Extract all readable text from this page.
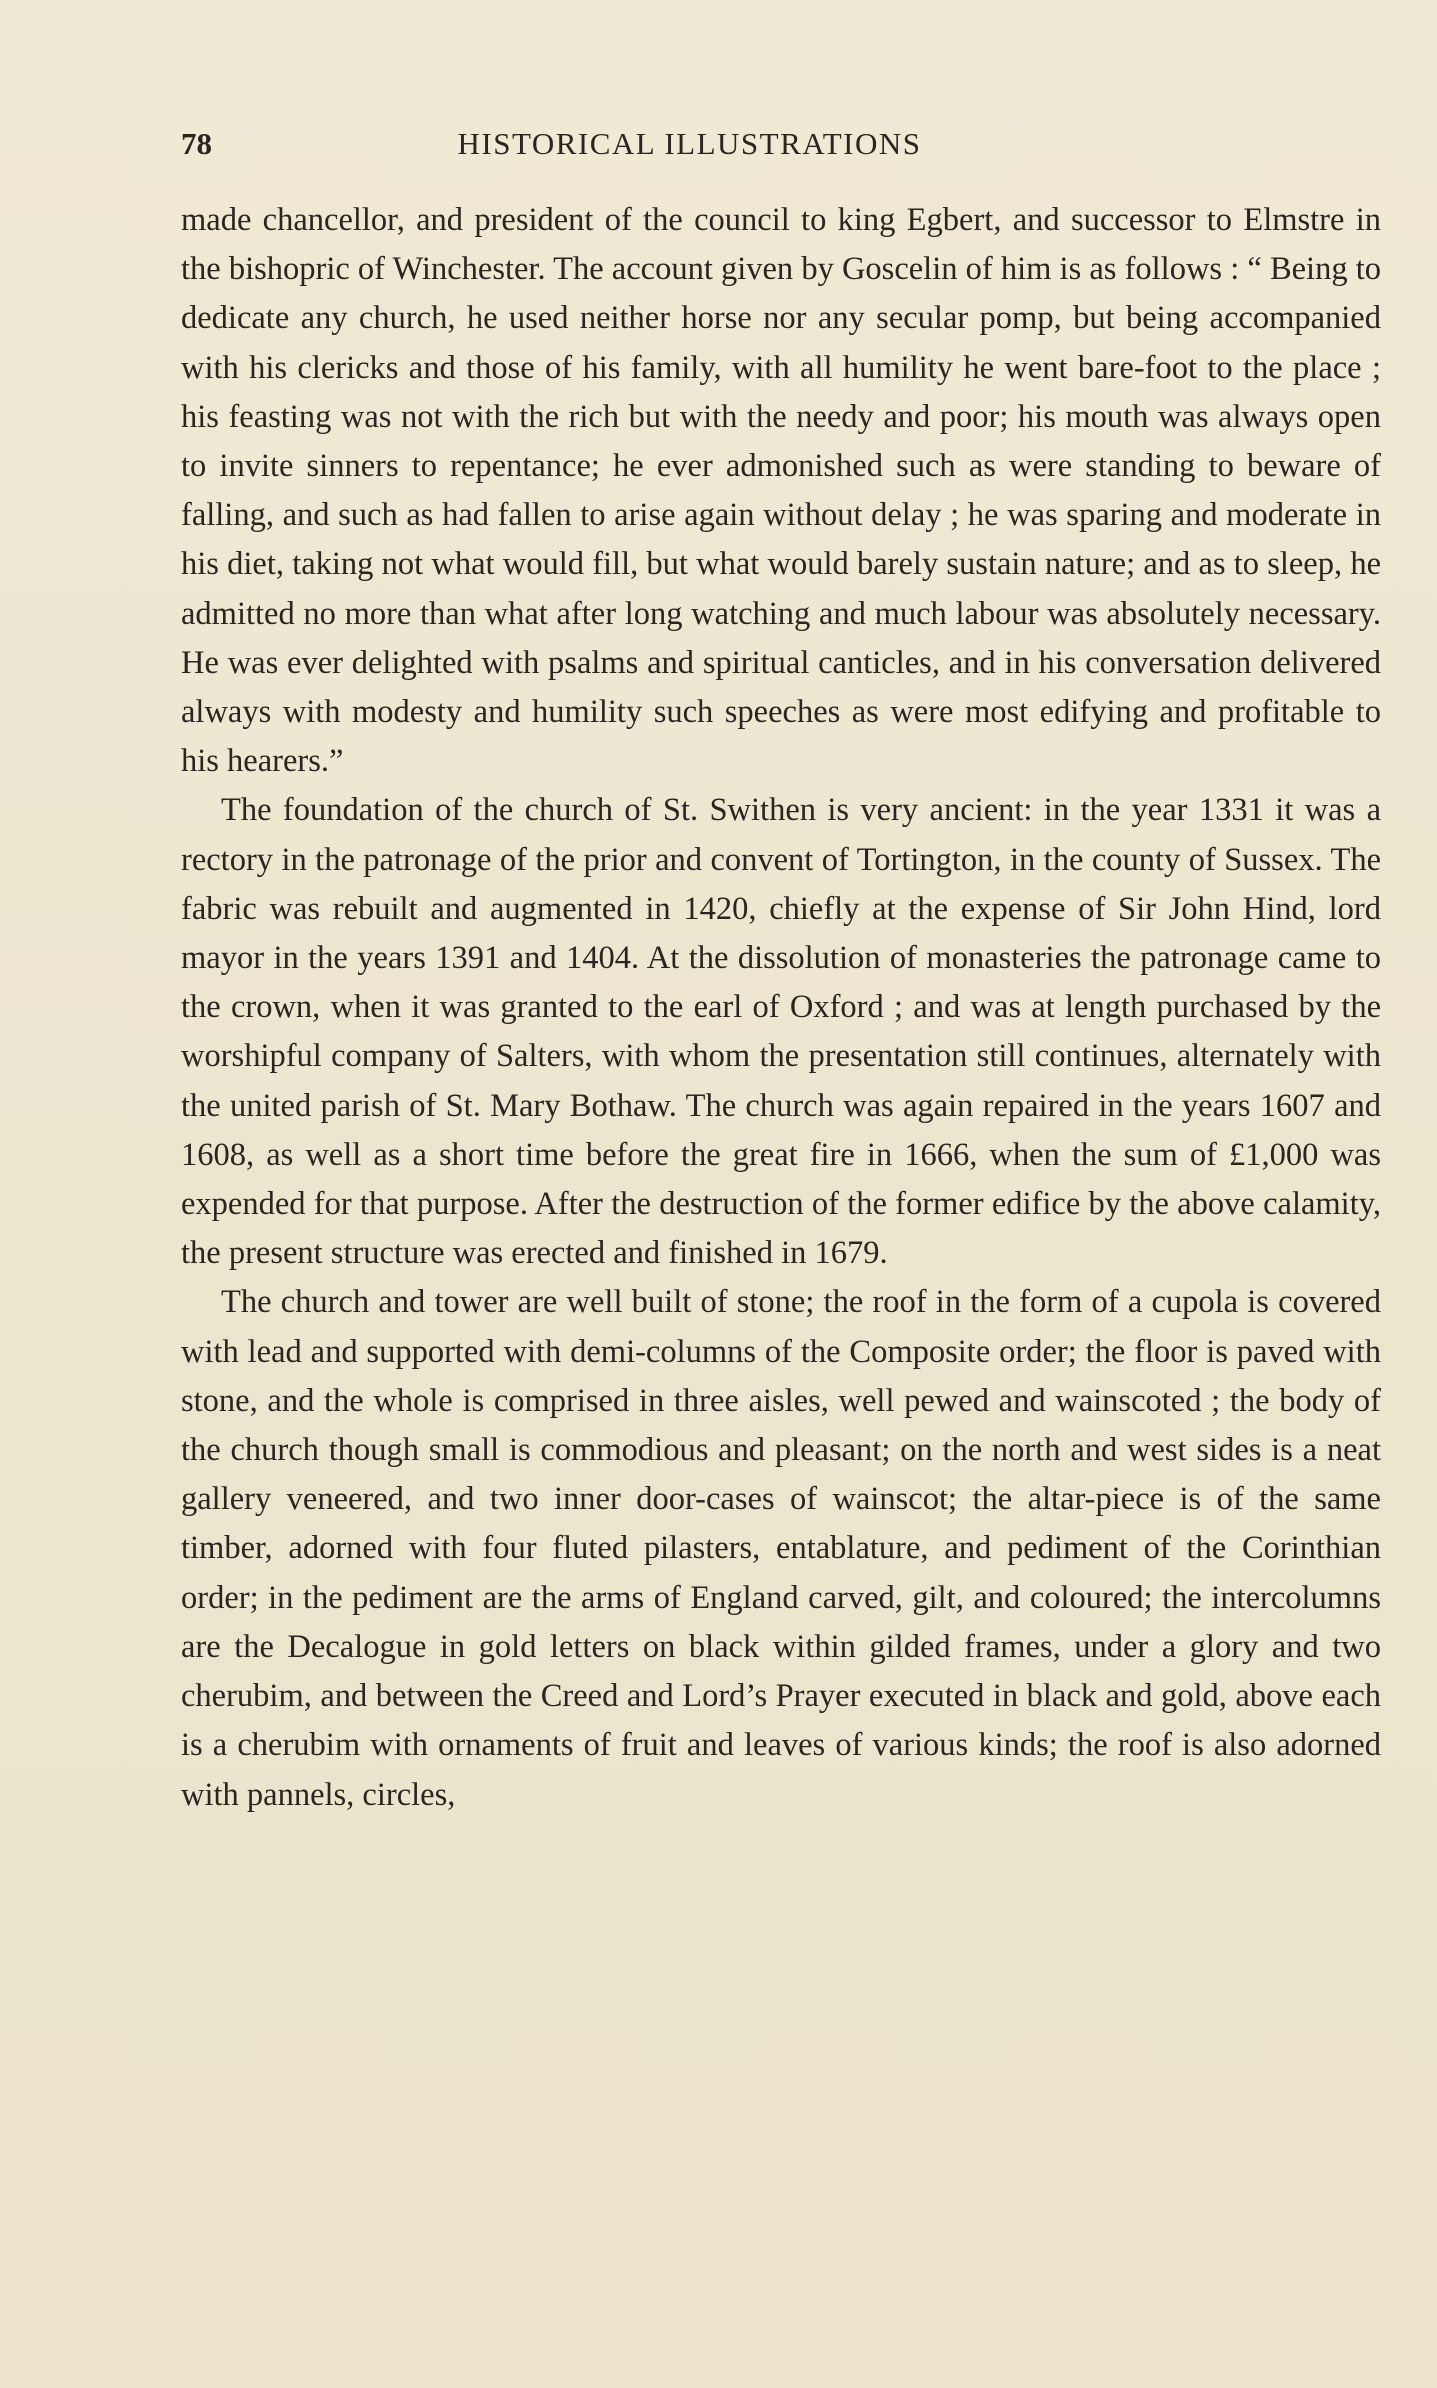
78	HISTORICAL ILLUSTRATIONS

made chancellor, and president of the council to king Egbert, and successor to Elmstre in the bishopric of Winchester. The account given by Goscelin of him is as follows : “ Being to dedicate any church, he used neither horse nor any secular pomp, but being accompanied with his clericks and those of his family, with all humility he went bare-foot to the place ; his feasting was not with the rich but with the needy and poor; his mouth was always open to invite sinners to repentance; he ever admonished such as were standing to beware of falling, and such as had fallen to arise again without delay ; he was sparing and moderate in his diet, taking not what would fill, but what would barely sustain nature; and as to sleep, he admitted no more than what after long watching and much labour was absolutely necessary. He was ever delighted with psalms and spiritual canticles, and in his conversation delivered always with modesty and humility such speeches as were most edifying and profitable to his hearers.”

The foundation of the church of St. Swithen is very ancient: in the year 1331 it was a rectory in the patronage of the prior and convent of Tortington, in the county of Sussex. The fabric was rebuilt and augmented in 1420, chiefly at the expense of Sir John Hind, lord mayor in the years 1391 and 1404. At the dissolution of monasteries the patronage came to the crown, when it was granted to the earl of Oxford ; and was at length purchased by the worshipful company of Salters, with whom the presentation still continues, alternately with the united parish of St. Mary Bothaw. The church was again repaired in the years 1607 and 1608, as well as a short time before the great fire in 1666, when the sum of £1,000 was expended for that purpose. After the destruction of the former edifice by the above calamity, the present structure was erected and finished in 1679.

The church and tower are well built of stone; the roof in the form of a cupola is covered with lead and supported with demi-columns of the Composite order; the floor is paved with stone, and the whole is comprised in three aisles, well pewed and wainscoted ; the body of the church though small is commodious and pleasant; on the north and west sides is a neat gallery veneered, and two inner door-cases of wainscot; the altar-piece is of the same timber, adorned with four fluted pilasters, entablature, and pediment of the Corinthian order; in the pediment are the arms of England carved, gilt, and coloured; the intercolumns are the Decalogue in gold letters on black within gilded frames, under a glory and two cherubim, and between the Creed and Lord’s Prayer executed in black and gold, above each is a cherubim with ornaments of fruit and leaves of various kinds; the roof is also adorned with pannels, circles,
